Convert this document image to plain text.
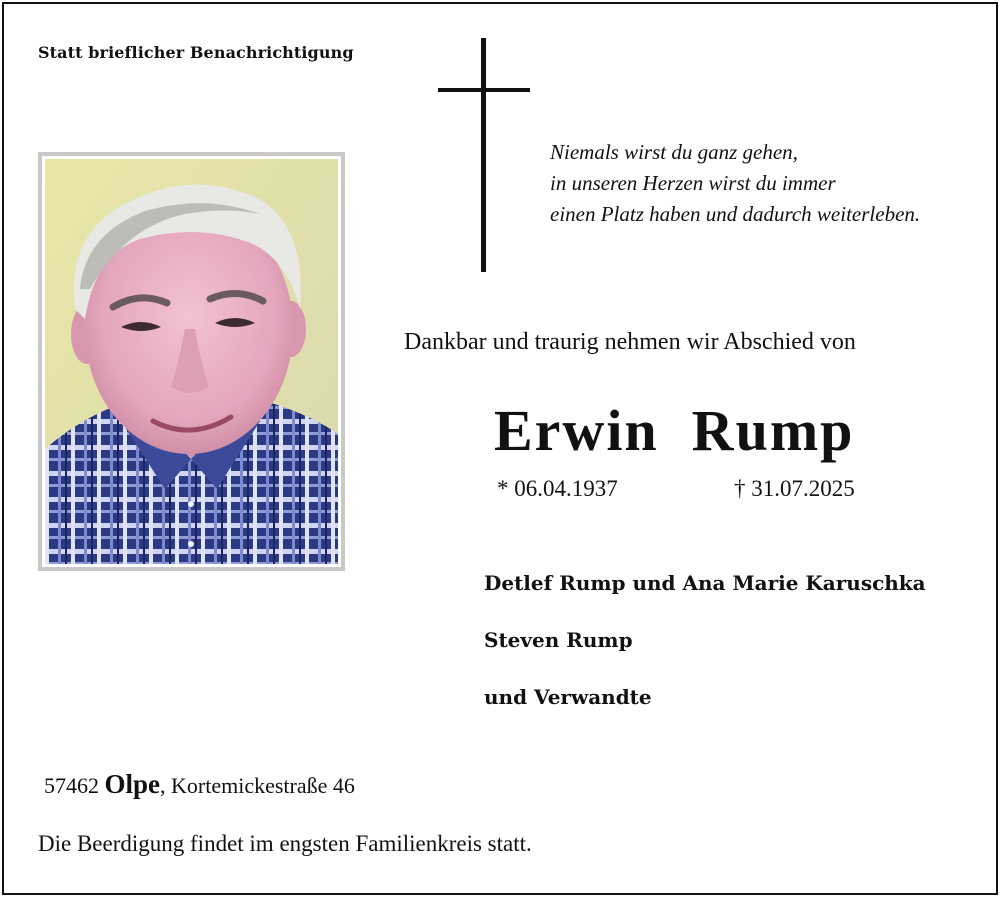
Statt brieflicher Benachrichtigung
Niemals wirst du ganz gehen,
in unseren Herzen wirst du immer
einen Platz haben und dadurch weiterleben.
Dankbar und traurig nehmen wir Abschied von
Erwin  Rump
* 06.04.1937	† 31.07.2025
Detlef Rump und Ana Marie Karuschka
Steven Rump
und Verwandte
57462 Olpe, Kortemickestraße 46
Die Beerdigung findet im engsten Familienkreis statt.
